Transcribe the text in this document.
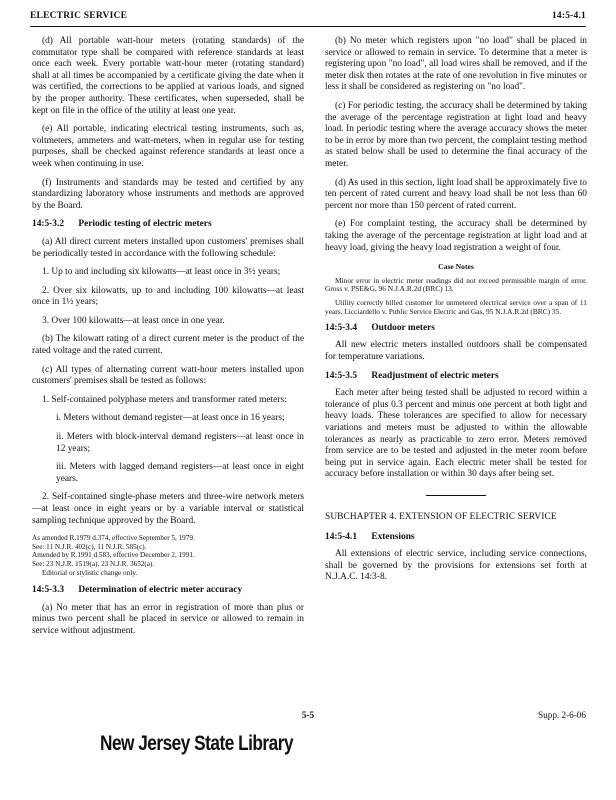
ELECTRIC SERVICE	14:5-4.1

(d) All portable watt-hour meters (rotating standards) of the commutator type shall be compared with reference standards at least once each week. Every portable watt-hour meter (rotating standard) shall at all times be accompanied by a certificate giving the date when it was certified, the corrections to be applied at various loads, and signed by the proper authority. These certificates, when superseded, shall be kept on file in the office of the utility at least one year.

(e) All portable, indicating electrical testing instruments, such as, voltmeters, ammeters and watt-meters, when in regular use for testing purposes, shall be checked against reference standards at least once a week when continuing in use.

(f) Instruments and standards may be tested and certified by any standardizing laboratory whose instruments and methods are approved by the Board.

14:5-3.2 Periodic testing of electric meters

(a) All direct current meters installed upon customers' premises shall be periodically tested in accordance with the following schedule:

1. Up to and including six kilowatts—at least once in 3½ years;

2. Over six kilowatts, up to and including 100 kilowatts—at least once in 1½ years;

3. Over 100 kilowatts—at least once in one year.

(b) The kilowatt rating of a direct current meter is the product of the rated voltage and the rated current.

(c) All types of alternating current watt-hour meters installed upon customers' premises shall be tested as follows:

1. Self-contained polyphase meters and transformer rated meters:

i. Meters without demand register—at least once in 16 years;

ii. Meters with block-interval demand registers—at least once in 12 years;

iii. Meters with lagged demand registers—at least once in eight years.

2. Self-contained single-phase meters and three-wire network meters—at least once in eight years or by a variable interval or statistical sampling technique approved by the Board.

As amended R.1979 d.374, effective September 5, 1979.

See: 11 N.J.R. 402(c), 11 N.J.R. 585(c).

Amended by R.1991 d.583, effective December 2, 1991.

See: 23 N.J.R. 1519(a), 23 N.J.R. 3652(a).

Editorial or stylistic change only.

14:5-3.3 Determination of electric meter accuracy

(a) No meter that has an error in registration of more than plus or minus two percent shall be placed in service or allowed to remain in service without adjustment.

(b) No meter which registers upon "no load" shall be placed in service or allowed to remain in service. To determine that a meter is registering upon "no load", all load wires shall be removed, and if the meter disk then rotates at the rate of one revolution in five minutes or less it shall be considered as registering on "no load".

(c) For periodic testing, the accuracy shall be determined by taking the average of the percentage registration at light load and heavy load. In periodic testing where the average accuracy shows the meter to be in error by more than two percent, the complaint testing method as stated below shall be used to determine the final accuracy of the meter.

(d) As used in this section, light load shall be approximately five to ten percent of rated current and heavy load shall be not less than 60 percent nor more than 150 percent of rated current.

(e) For complaint testing, the accuracy shall be determined by taking the average of the percentage registration at light load and at heavy load, giving the heavy load registration a weight of four.

Case Notes

Minor error in electric meter readings did not exceed permissible margin of error. Gross v. PSE&G, 96 N.J.A.R.2d (BRC) 13.

Utility correctly billed customer for unmetered electrical service over a span of 11 years. Licciardello v. Public Service Electric and Gas, 95 N.J.A.R.2d (BRC) 35.

14:5-3.4 Outdoor meters

All new electric meters installed outdoors shall be compensated for temperature variations.

14:5-3.5 Readjustment of electric meters

Each meter after being tested shall be adjusted to record within a tolerance of plus 0.3 percent and minus one percent at both light and heavy loads. These tolerances are specified to allow for necessary variations and meters must be adjusted to within the allowable tolerances as nearly as practicable to zero error. Meters removed from service are to be tested and adjusted in the meter room before being put in service again. Each electric meter shall be tested for accuracy before installation or within 30 days after being set.

SUBCHAPTER 4. EXTENSION OF ELECTRIC SERVICE

14:5-4.1 Extensions

All extensions of electric service, including service connections, shall be governed by the provisions for extensions set forth at N.J.A.C. 14:3-8.

5-5	Supp. 2-6-06
New Jersey State Library
